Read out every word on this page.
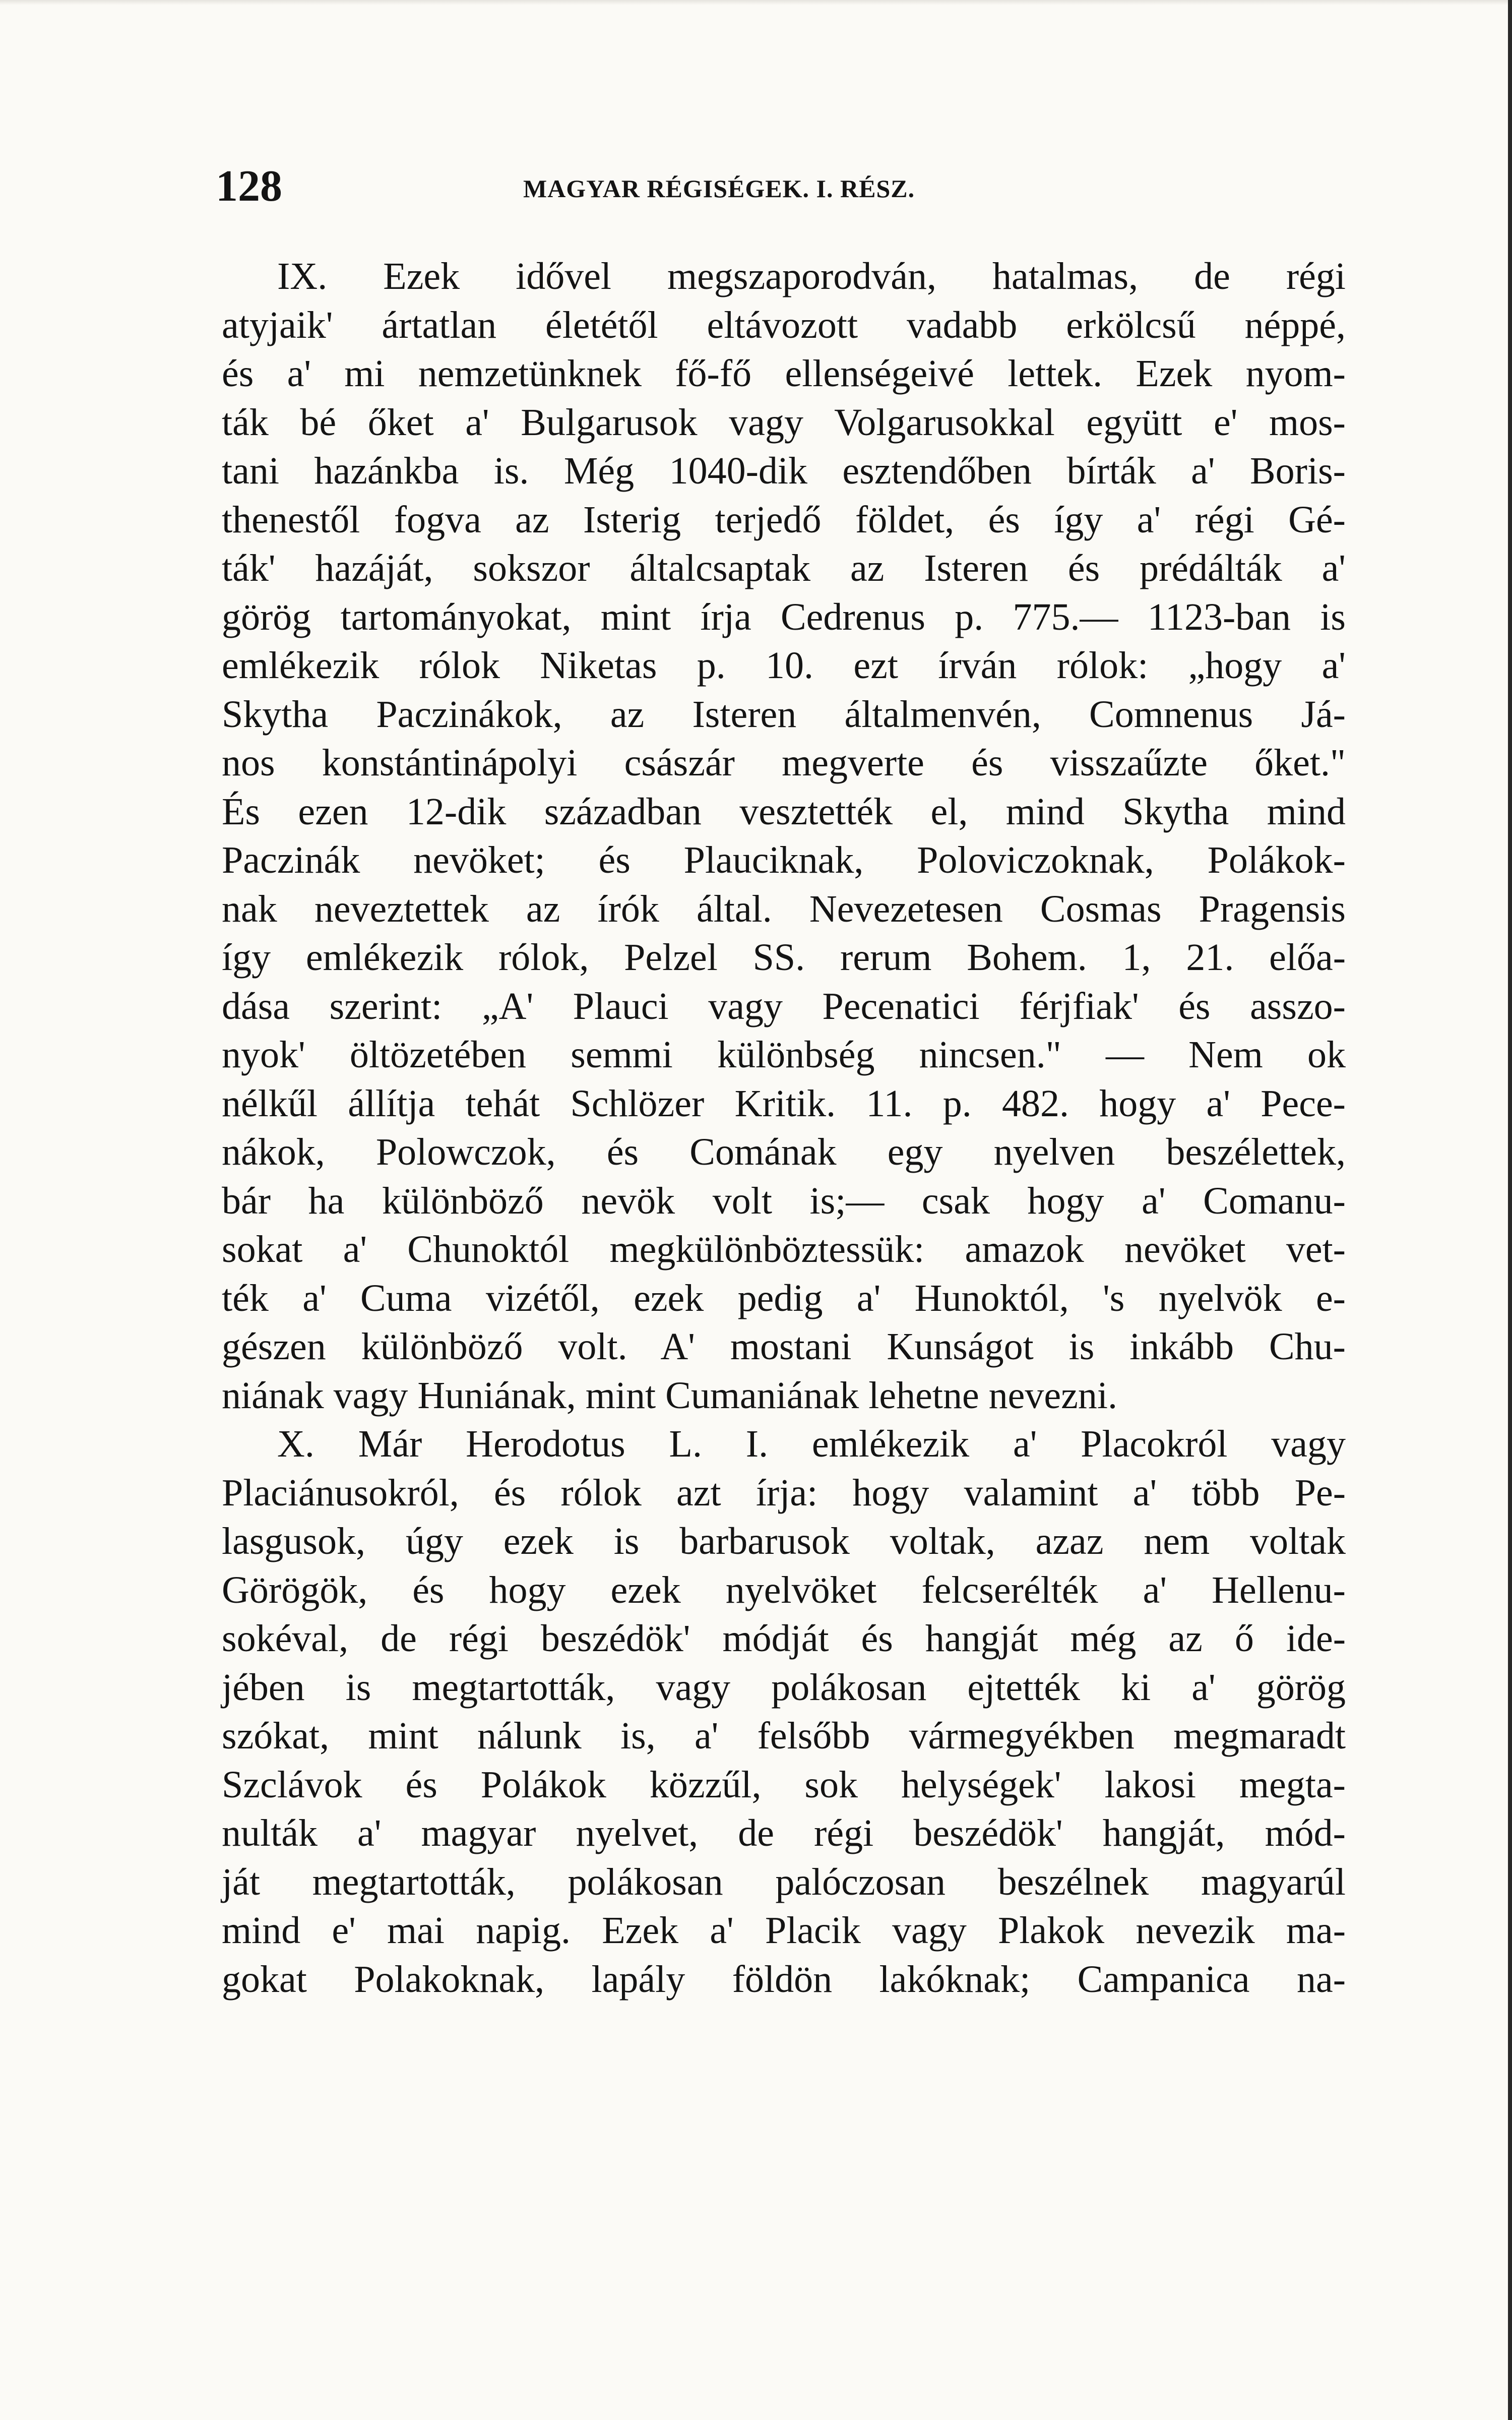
128	MAGYAR RÉGISÉGEK. I. RÉSZ.
IX. Ezek idővel megszaporodván, hatalmas, de régi
atyjaik' ártatlan életétől eltávozott vadabb erkölcsű néppé,
és a' mi nemzetünknek fő-fő ellenségeivé lettek. Ezek nyom-
ták bé őket a' Bulgarusok vagy Volgarusokkal együtt e' mos-
tani hazánkba is. Még 1040-dik esztendőben bírták a' Boris-
thenestől fogva az Isterig terjedő földet, és így a' régi Gé-
ták' hazáját, sokszor általcsaptak az Isteren és prédálták a'
görög tartományokat, mint írja Cedrenus p. 775.— 1123-ban is
emlékezik rólok Niketas p. 10. ezt írván rólok: „hogy a'
Skytha Paczinákok, az Isteren általmenvén, Comnenus Já-
nos konstántinápolyi császár megverte és visszaűzte őket."
És ezen 12-dik században vesztették el, mind Skytha mind
Paczinák nevöket; és Plauciknak, Poloviczoknak, Polákok-
nak neveztettek az írók által. Nevezetesen Cosmas Pragensis
így emlékezik rólok, Pelzel SS. rerum Bohem. 1, 21. előa-
dása szerint: „A' Plauci vagy Pecenatici férjfiak' és asszo-
nyok' öltözetében semmi különbség nincsen." — Nem ok
nélkűl állítja tehát Schlözer Kritik. 11. p. 482. hogy a' Pece-
nákok, Polowczok, és Comának egy nyelven beszélettek,
bár ha különböző nevök volt is;— csak hogy a' Comanu-
sokat a' Chunoktól megkülönböztessük: amazok nevöket vet-
ték a' Cuma vizétől, ezek pedig a' Hunoktól, 's nyelvök e-
gészen különböző volt. A' mostani Kunságot is inkább Chu-
niának vagy Huniának, mint Cumaniának lehetne nevezni.
X. Már Herodotus L. I. emlékezik a' Placokról vagy
Placiánusokról, és rólok azt írja: hogy valamint a' több Pe-
lasgusok, úgy ezek is barbarusok voltak, azaz nem voltak
Görögök, és hogy ezek nyelvöket felcserélték a' Hellenu-
sokéval, de régi beszédök' módját és hangját még az ő ide-
jében is megtartották, vagy polákosan ejtették ki a' görög
szókat, mint nálunk is, a' felsőbb vármegyékben megmaradt
Szclávok és Polákok közzűl, sok helységek' lakosi megta-
nulták a' magyar nyelvet, de régi beszédök' hangját, mód-
ját megtartották, polákosan palóczosan beszélnek magyarúl
mind e' mai napig. Ezek a' Placik vagy Plakok nevezik ma-
gokat Polakoknak, lapály földön lakóknak; Campanica na-
